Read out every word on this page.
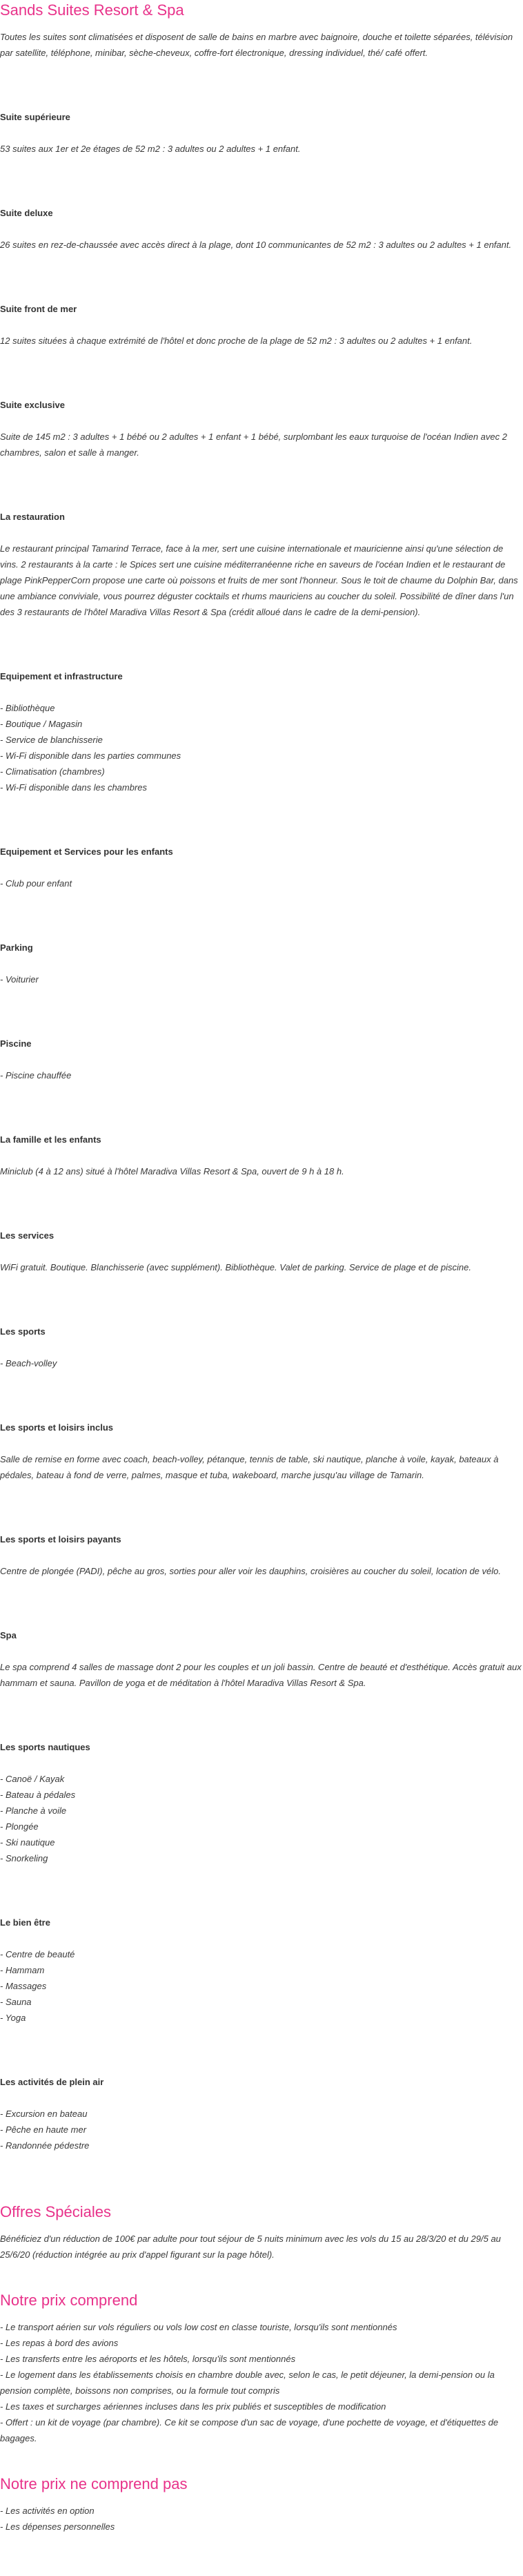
Sands Suites Resort & Spa

Toutes les suites sont climatisées et disposent de salle de bains en marbre avec baignoire, douche et toilette séparées, télévision par satellite, téléphone, minibar, sèche-cheveux, coffre-fort électronique, dressing individuel, thé/ café offert.

Suite supérieure

53 suites aux 1er et 2e étages de 52 m2 : 3 adultes ou 2 adultes + 1 enfant.

Suite deluxe

26 suites en rez-de-chaussée avec accès direct à la plage, dont 10 communicantes de 52 m2 : 3 adultes ou 2 adultes + 1 enfant.

Suite front de mer

12 suites situées à chaque extrémité de l'hôtel et donc proche de la plage de 52 m2 : 3 adultes ou 2 adultes + 1 enfant.

Suite exclusive

Suite de 145 m2 : 3 adultes + 1 bébé ou 2 adultes + 1 enfant + 1 bébé, surplombant les eaux turquoise de l'océan Indien avec 2 chambres, salon et salle à manger.

La restauration

Le restaurant principal Tamarind Terrace, face à la mer, sert une cuisine internationale et mauricienne ainsi qu'une sélection de vins. 2 restaurants à la carte : le Spices sert une cuisine méditerranéenne riche en saveurs de l'océan Indien et le restaurant de plage PinkPepperCorn propose une carte où poissons et fruits de mer sont l'honneur. Sous le toit de chaume du Dolphin Bar, dans une ambiance conviviale, vous pourrez déguster cocktails et rhums mauriciens au coucher du soleil. Possibilité de dîner dans l'un des 3 restaurants de l'hôtel Maradiva Villas Resort & Spa (crédit alloué dans le cadre de la demi-pension).

Equipement et infrastructure
- Bibliothèque
- Boutique / Magasin
- Service de blanchisserie
- Wi-Fi disponible dans les parties communes
- Climatisation (chambres)
- Wi-Fi disponible dans les chambres
Equipement et Services pour les enfants
- Club pour enfant
Parking
- Voiturier
Piscine
- Piscine chauffée
La famille et les enfants

Miniclub (4 à 12 ans) situé à l'hôtel Maradiva Villas Resort & Spa, ouvert de 9 h à 18 h.

Les services

WiFi gratuit. Boutique. Blanchisserie (avec supplément). Bibliothèque. Valet de parking. Service de plage et de piscine.

Les sports
- Beach-volley
Les sports et loisirs inclus

Salle de remise en forme avec coach, beach-volley, pétanque, tennis de table, ski nautique, planche à voile, kayak, bateaux à pédales, bateau à fond de verre, palmes, masque et tuba, wakeboard, marche jusqu'au village de Tamarin.

Les sports et loisirs payants

Centre de plongée (PADI), pêche au gros, sorties pour aller voir les dauphins, croisières au coucher du soleil, location de vélo.

Spa

Le spa comprend 4 salles de massage dont 2 pour les couples et un joli bassin. Centre de beauté et d'esthétique. Accès gratuit aux hammam et sauna. Pavillon de yoga et de méditation à l'hôtel Maradiva Villas Resort & Spa.

Les sports nautiques
- Canoë / Kayak
- Bateau à pédales
- Planche à voile
- Plongée
- Ski nautique
- Snorkeling
Le bien être
- Centre de beauté
- Hammam
- Massages
- Sauna
- Yoga
Les activités de plein air
- Excursion en bateau
- Pêche en haute mer
- Randonnée pédestre
Offres Spéciales

Bénéficiez d'un réduction de 100€ par adulte pour tout séjour de 5 nuits minimum avec les vols du 15 au 28/3/20 et du 29/5 au 25/6/20 (réduction intégrée au prix d'appel figurant sur la page hôtel).

Notre prix comprend
- Le transport aérien sur vols réguliers ou vols low cost en classe touriste, lorsqu'ils sont mentionnés
- Les repas à bord des avions
- Les transferts entre les aéroports et les hôtels, lorsqu'ils sont mentionnés
- Le logement dans les établissements choisis en chambre double avec, selon le cas, le petit déjeuner, la demi-pension ou la pension complète, boissons non comprises, ou la formule tout compris
- Les taxes et surcharges aériennes incluses dans les prix publiés et susceptibles de modification
- Offert : un kit de voyage (par chambre). Ce kit se compose d'un sac de voyage, d'une pochette de voyage, et d'étiquettes de bagages.
Notre prix ne comprend pas
- Les activités en option
- Les dépenses personnelles
